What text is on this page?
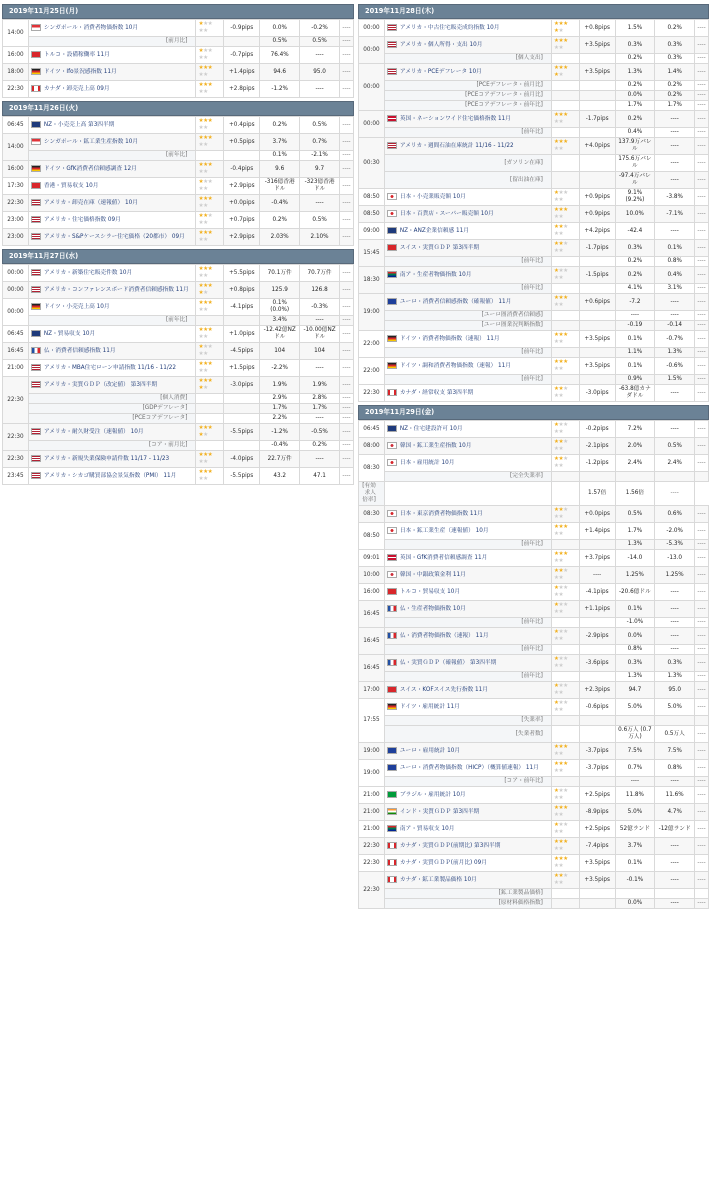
2019年11月25日(月)
14:00	シンガポール・消費者物価指数 10月	★★★
★★	-0.9pips	0.0%	-0.2%	----
	[前月比]			0.5%	0.5%	----
16:00	トルコ・設備稼働率 11月	★★★
★★	-0.7pips	76.4%	----	----
18:00	ドイツ・Ifo景況感指数 11月	★★★
★★	+1.4pips	94.6	95.0	----
22:30	カナダ・卸売売上高 09月	★★★
★★	+2.8pips	-1.2%	----	----
2019年11月26日(火)
06:45	NZ・小売売上高 第3四半期	★★★
★★	+0.4pips	0.2%	0.5%	----
14:00	シンガポール・鉱工業生産指数 10月	★★★
★★	+0.5pips	3.7%	0.7%	----
	[前年比]			0.1%	-2.1%	----
16:00	ドイツ・GfK消費者信頼感調査 12月	★★★
★★	-0.4pips	9.6	9.7	----
17:30	香港・貿易収支 10月	★★★
★★	+2.9pips	-316億香港ドル	-323億香港ドル	----
22:30	アメリカ・卸売在庫（速報値） 10月	★★★
★★	+0.0pips	-0.4%	----	----
23:00	アメリカ・住宅価格指数 09月	★★★
★★	+0.7pips	0.2%	0.5%	----
23:00	アメリカ・S&Pケースシラー住宅価格（20都市） 09月	★★★
★★	+2.9pips	2.03%	2.10%	----
2019年11月27日(水)
00:00	アメリカ・新築住宅販売件数 10月	★★★
★★	+5.5pips	70.1万件	70.7万件	----
00:00	アメリカ・コンファレンスボード消費者信頼感指数 11月	★★★
★★	+0.8pips	125.9	126.8	----
00:00	ドイツ・小売売上高 10月	★★★
★★	-4.1pips	0.1% (0.0%)	-0.3%	----
	[前年比]			3.4%	----	----
06:45	NZ・貿易収支 10月	★★★
★★	+1.0pips	-12.42億NZドル	-10.00億NZドル	----
16:45	仏・消費者信頼感指数 11月	★★★
★★	-4.5pips	104	104	----
21:00	アメリカ・MBA住宅ローン申請指数 11/16 - 11/22	★★★
★★	+1.5pips	-2.2%	----	----
22:30	アメリカ・実質ＧＤＰ（改定値） 第3四半期	★★★
★★	-3.0pips	1.9%	1.9%	----
	[個人消費]			2.9%	2.8%	----
	[GDPデフレータ]			1.7%	1.7%	----
	[PCEコアデフレータ]			2.2%	----	----
22:30	アメリカ・耐久財受注（速報値） 10月	★★★
★★	-5.5pips	-1.2%	-0.5%	----
	[コア・前月比]			-0.4%	0.2%	----
22:30	アメリカ・新規失業保険申請件数 11/17 - 11/23	★★★
★★	-4.0pips	22.7万件	----	----
23:45	アメリカ・シカゴ購買部協会景気指数（PMI） 11月	★★★
★★	-5.5pips	43.2	47.1	----
2019年11月28日(木)
00:00	アメリカ・中古住宅販売成約指数 10月	★★★
★★	+0.8pips	1.5%	0.2%	----
00:00	アメリカ・個人所得・支出 10月	★★★
★★	+3.5pips	0.3%	0.3%	----
	[個人支出]			0.2%	0.3%	----
00:00	アメリカ・PCEデフレータ 10月	★★★
★★	+3.5pips	1.3%	1.4%	----
	[PCEデフレータ・前月比]			0.2%	0.2%	----
	[PCEコアデフレータ・前月比]			0.0%	0.2%	----
	[PCEコアデフレータ・前年比]			1.7%	1.7%	----
00:00	英国・ネーションワイド住宅価格指数 11月	★★★
★★	-1.7pips	0.2%	----	----
	[前年比]			0.4%	----	----
00:30	アメリカ・週間石油在庫統計 11/16 - 11/22	★★★
★★	+4.0pips	137.9万バレル	----	----
	[ガソリン在庫]			175.6万バレル	----	----
	[留出油在庫]			-97.4万バレル	----	----
08:50	日本・小売業販売額 10月	★★★
★★	+0.9pips	9.1% (9.2%)	-3.8%	----
08:50	日本・百貨店・スーパー販売額 10月	★★★
★★	+0.9pips	10.0%	-7.1%	----
09:00	NZ・ANZ企業信頼感 11月	★★★
★★	+4.2pips	-42.4	----	----
15:45	スイス・実質ＧＤＰ 第3四半期	★★★
★★	-1.7pips	0.3%	0.1%	----
	[前年比]			0.2%	0.8%	----
18:30	南ア・生産者物価指数 10月	★★★
★★	-1.5pips	0.2%	0.4%	----
	[前年比]			4.1%	3.1%	----
19:00	ユーロ・消費者信頼感指数（確報値） 11月	★★★
★★	+0.6pips	-7.2	----	----
	[ユーロ圏消費者信頼感]			----	----	----
	[ユーロ圏業況判断指数]			-0.19	-0.14	----
22:00	ドイツ・消費者物価指数（速報） 11月	★★★
★★	+3.5pips	0.1%	-0.7%	----
	[前年比]			1.1%	1.3%	----
22:00	ドイツ・調和消費者物価指数（速報） 11月	★★★
★★	+3.5pips	0.1%	-0.6%	----
	[前年比]			0.9%	1.5%	----
22:30	カナダ・経常収支 第3四半期	★★★
★★	-3.0pips	-63.8億カナダドル	----	----
2019年11月29日(金)
06:45	NZ・住宅建設許可 10月	★★★
★★	-0.2pips	7.2%	----	----
08:00	韓国・鉱工業生産指数 10月	★★★
★★	-2.1pips	2.0%	0.5%	----
08:30	日本・雇用統計 10月	★★★
★★	-1.2pips	2.4%	2.4%	----
	[完全失業率]					
[有効求人倍率]			1.57倍	1.56倍	----	
08:30	日本・東京消費者物価指数 11月	★★★
★★	+0.0pips	0.5%	0.6%	----
08:50	日本・鉱工業生産（速報値） 10月	★★★
★★	+1.4pips	1.7%	-2.0%	----
	[前年比]			1.3%	-5.3%	----
09:01	英国・GfK消費者信頼感調査 11月	★★★
★★	+3.7pips	-14.0	-13.0	----
10:00	韓国・中銀政策金利 11月	★★★
★★	----	1.25%	1.25%	----
16:00	トルコ・貿易収支 10月	★★★
★★	-4.1pips	-20.6億ドル	----	----
16:45	仏・生産者物価指数 10月	★★★
★★	+1.1pips	0.1%	----	----
	[前年比]			-1.0%	----	----
16:45	仏・消費者物価指数（速報） 11月	★★★
★★	-2.9pips	0.0%	----	----
	[前年比]			0.8%	----	----
16:45	仏・実質ＧＤＰ（確報値） 第3四半期	★★★
★★	-3.6pips	0.3%	0.3%	----
	[前年比]			1.3%	1.3%	----
17:00	スイス・KOFスイス先行指数 11月	★★★
★★	+2.3pips	94.7	95.0	----
17:55	ドイツ・雇用統計 11月	★★★
★★	-0.6pips	5.0%	5.0%	----
	[失業率]					
	[失業者数]			0.6万人 (0.7万人)	0.5万人	----
19:00	ユーロ・雇用統計 10月	★★★
★★	-3.7pips	7.5%	7.5%	----
19:00	ユーロ・消費者物価指数（HICP）（概算値速報） 11月	★★★
★★	-3.7pips	0.7%	0.8%	----
	[コア・前年比]			----	----	----
21:00	ブラジル・雇用統計 10月	★★★
★★	+2.5pips	11.8%	11.6%	----
21:00	インド・実質ＧＤＰ 第3四半期	★★★
★★	-8.9pips	5.0%	4.7%	----
21:00	南ア・貿易収支 10月	★★★
★★	+2.5pips	52億ランド	-12億ランド	----
22:30	カナダ・実質ＧＤＰ(前期比) 第3四半期	★★★
★★	-7.4pips	3.7%	----	----
22:30	カナダ・実質ＧＤＰ(前月比) 09月	★★★
★★	+3.5pips	0.1%	----	----
22:30	カナダ・鉱工業製品価格 10月	★★★
★★	+3.5pips	-0.1%	----	----
	[鉱工業製品価格]					
	[原材料価格指数]			0.0%	----	----
